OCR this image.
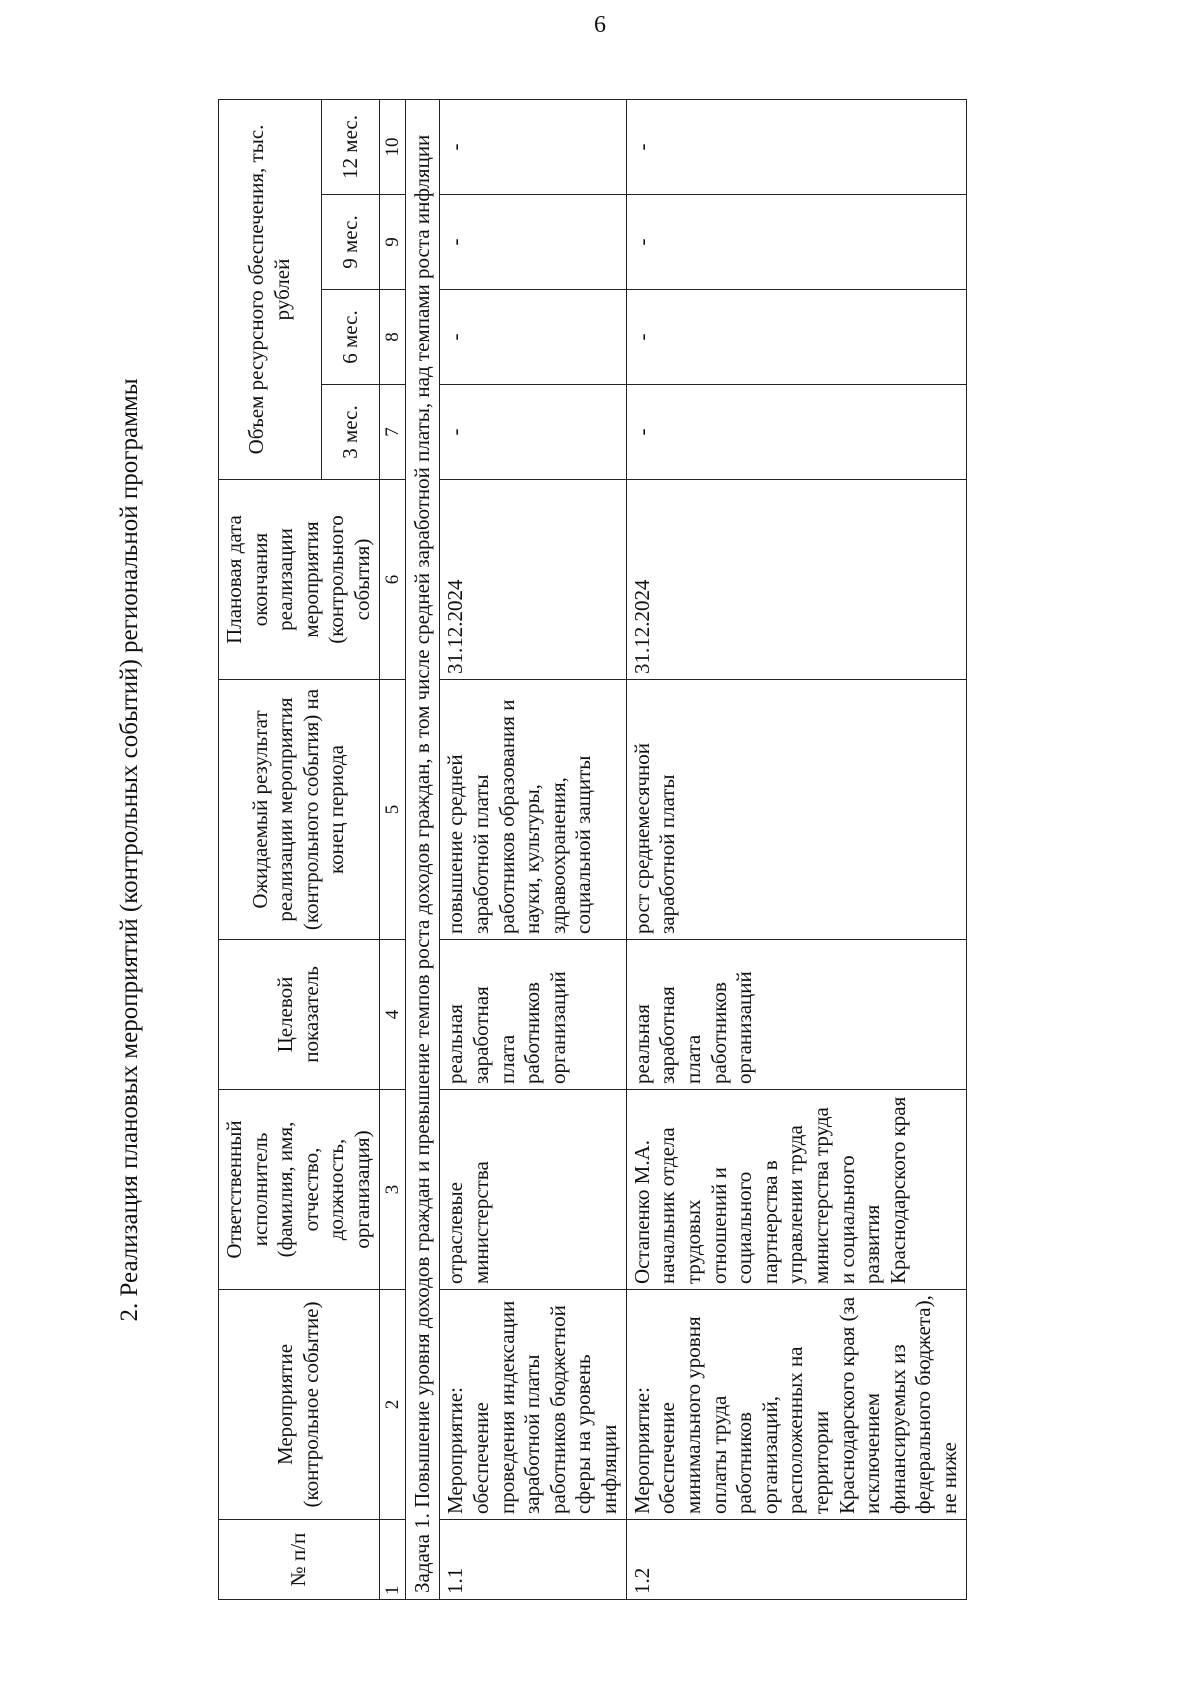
6
2. Реализация плановых мероприятий (контрольных событий) региональной программы
№ п/п	Мероприятие (контрольное событие)	Ответственный исполнитель (фамилия, имя, отчество, должность, организация)	Целевой показатель	Ожидаемый результат реализации мероприятия (контрольного события) на конец периода	Плановая дата окончания реализации мероприятия (контрольного события)	Объем ресурсного обеспечения, тыс. рублей			
						3 мес.	6 мес.	9 мес.	12 мес.
1	2	3	4	5	6	7	8	9	10
Задача 1. Повышение уровня доходов граждан и превышение темпов роста доходов граждан, в том числе средней заработной платы, над темпами роста инфляции									
1.1	Мероприятие: обеспечение проведения индексации заработной платы работников бюджетной сферы на уровень инфляции	отраслевые министерства	реальная заработная плата работников организаций	повышение средней заработной платы работников образования и науки, культуры, здравоохранения, социальной защиты	31.12.2024	-	-	-	-
1.2	Мероприятие: обеспечение минимального уровня оплаты труда работников организаций, расположенных на территории Краснодарского края (за исключением финансируемых из федерального бюджета), не ниже	Остапенко М.А. начальник отдела трудовых отношений и социального партнерства в управлении труда министерства труда и социального развития Краснодарского края	реальная заработная плата работников организаций	рост среднемесячной заработной платы	31.12.2024	-	-	-	-
